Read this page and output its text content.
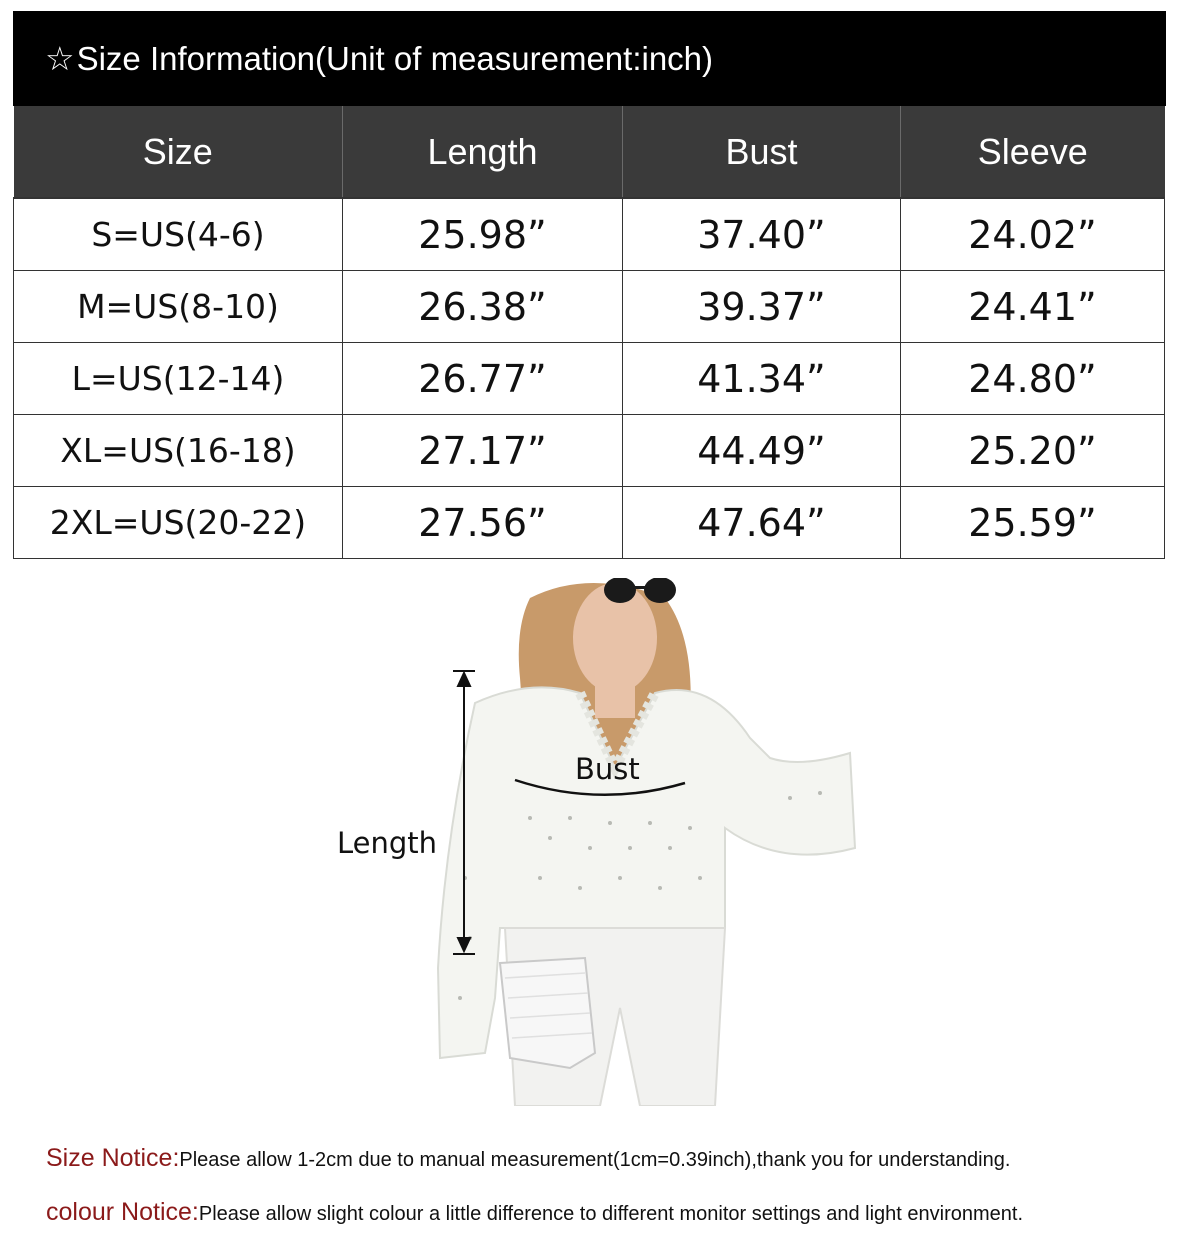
☆ Size Information(Unit of measurement:inch)
Size	Length	Bust	Sleeve
S=US(4-6)	25.98”	37.40”	24.02”
M=US(8-10)	26.38”	39.37”	24.41”
L=US(12-14)	26.77”	41.34”	24.80”
XL=US(16-18)	27.17”	44.49”	25.20”
2XL=US(20-22)	27.56”	47.64”	25.59”
Length
Bust
Size Notice:Please allow 1-2cm due to manual measurement(1cm=0.39inch),thank you for understanding.
colour Notice:Please allow slight colour a little difference to different monitor settings and light environment.
